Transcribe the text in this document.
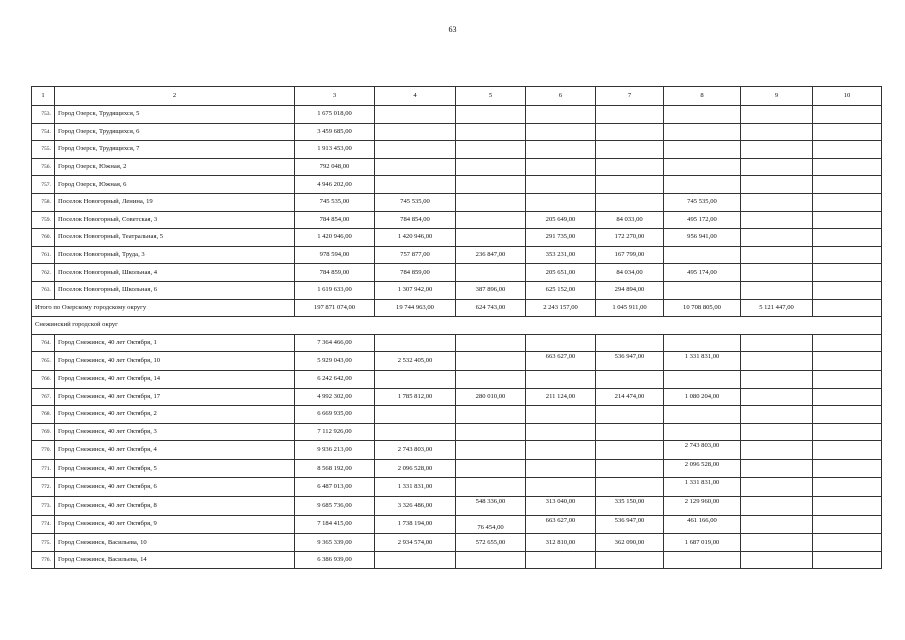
63
1	2	3	4	5	6	7	8	9	10
753.	Город Озерск, Трудящихся, 5	1 675 018,00							
754.	Город Озерск, Трудящихся, 6	3 459 685,00							
755.	Город Озерск, Трудящихся, 7	1 913 453,00							
756.	Город Озерск, Южная, 2	792 048,00							
757.	Город Озерск, Южная, 6	4 946 202,00							
758.	Поселок Новогорный, Ленина, 19	745 535,00	745 535,00				745 535,00		
759.	Поселок Новогорный, Советская, 3	784 854,00	784 854,00		205 649,00	84 033,00	495 172,00		
760.	Поселок Новогорный, Театральная, 5	1 420 946,00	1 420 946,00		291 735,00	172 270,00	956 941,00		
761.	Поселок Новогорный, Труда, 3	978 594,00	757 877,00	236 847,00	353 231,00	167 799,00			
762.	Поселок Новогорный, Школьная, 4	784 859,00	784 859,00		205 651,00	84 034,00	495 174,00		
763.	Поселок Новогорный, Школьная, 6	1 619 633,00	1 307 942,00	387 896,00	625 152,00	294 894,00			
Итого по Озерскому городскому округу		197 871 074,00	19 744 963,00	624 743,00	2 243 157,00	1 045 911,00	10 708 805,00	5 121 447,00	
Снежинский городской округ									
764.	Город Снежинск, 40 лет Октября, 1	7 364 466,00							
765.	Город Снежинск, 40 лет Октября, 10	5 929 043,00	2 532 405,00		663 627,00	536 947,00	1 331 831,00		
766.	Город Снежинск, 40 лет Октября, 14	6 242 642,00							
767.	Город Снежинск, 40 лет Октября, 17	4 992 302,00	1 785 812,00	280 010,00	211 124,00	214 474,00	1 080 204,00		
768.	Город Снежинск, 40 лет Октября, 2	6 669 935,00							
769.	Город Снежинск, 40 лет Октября, 3	7 112 926,00							
770.	Город Снежинск, 40 лет Октября, 4	9 936 213,00	2 743 803,00				2 743 803,00		
771.	Город Снежинск, 40 лет Октября, 5	8 568 192,00	2 096 528,00				2 096 528,00		
772.	Город Снежинск, 40 лет Октября, 6	6 487 013,00	1 331 831,00				1 331 831,00		
773.	Город Снежинск, 40 лет Октября, 8	9 685 736,00	3 326 486,00	548 336,00	313 040,00	335 150,00	2 129 960,00		
774.	Город Снежинск, 40 лет Октября, 9	7 184 415,00	1 738 194,00	76 454,00	663 627,00	536 947,00	461 166,00		
775.	Город Снежинск, Васильева, 10	9 365 339,00	2 934 574,00	572 655,00	312 810,00	362 090,00	1 687 019,00		
776.	Город Снежинск, Васильева, 14	6 386 939,00							
